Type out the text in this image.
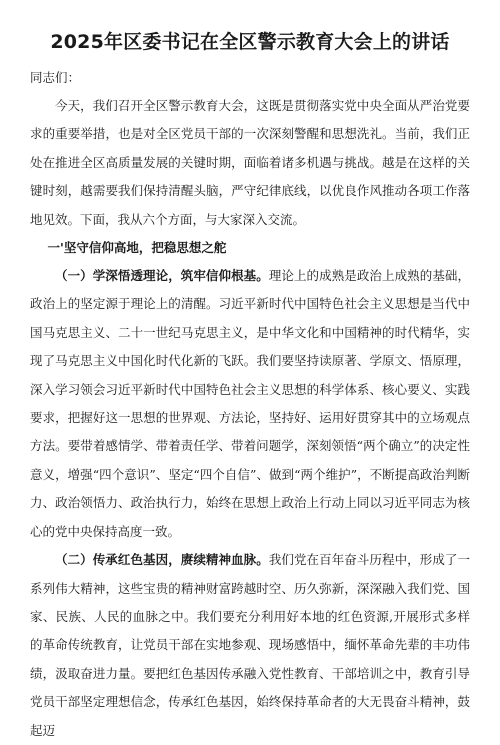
2025年区委书记在全区警示教育大会上的讲话

同志们：

今天，我们召开全区警示教育大会，这既是贯彻落实党中央全面从严治党要求的重要举措，也是对全区党员干部的一次深刻警醒和思想洗礼。当前，我们正处在推进全区高质量发展的关键时期，面临着诸多机遇与挑战。越是在这样的关键时刻，越需要我们保持清醒头脑，严守纪律底线，以优良作风推动各项工作落地见效。下面，我从六个方面，与大家深入交流。

一'坚守信仰高地，把稳思想之舵

（一）学深悟透理论，筑牢信仰根基。理论上的成熟是政治上成熟的基础，政治上的坚定源于理论上的清醒。习近平新时代中国特色社会主义思想是当代中国马克思主义、二十一世纪马克思主义，是中华文化和中国精神的时代精华，实现了马克思主义中国化时代化新的飞跃。我们要坚持读原著、学原文、悟原理，深入学习领会习近平新时代中国特色社会主义思想的科学体系、核心要义、实践要求，把握好这一思想的世界观、方法论，坚持好、运用好贯穿其中的立场观点方法。要带着感情学、带着责任学、带着问题学，深刻领悟“两个确立”的决定性意义，增强“四个意识”、坚定“四个自信”、做到“两个维护”，不断提高政治判断力、政治领悟力、政治执行力，始终在思想上政治上行动上同以习近平同志为核心的党中央保持高度一致。

（二）传承红色基因，赓续精神血脉。我们党在百年奋斗历程中，形成了一系列伟大精神，这些宝贵的精神财富跨越时空、历久弥新，深深融入我们党、国家、民族、人民的血脉之中。我们要充分利用好本地的红色资源,开展形式多样的革命传统教育，让党员干部在实地参观、现场感悟中，缅怀革命先辈的丰功伟绩，汲取奋进力量。要把红色基因传承融入党性教育、干部培训之中，教育引导党员干部坚定理想信念，传承红色基因，始终保持革命者的大无畏奋斗精神，鼓起迈
